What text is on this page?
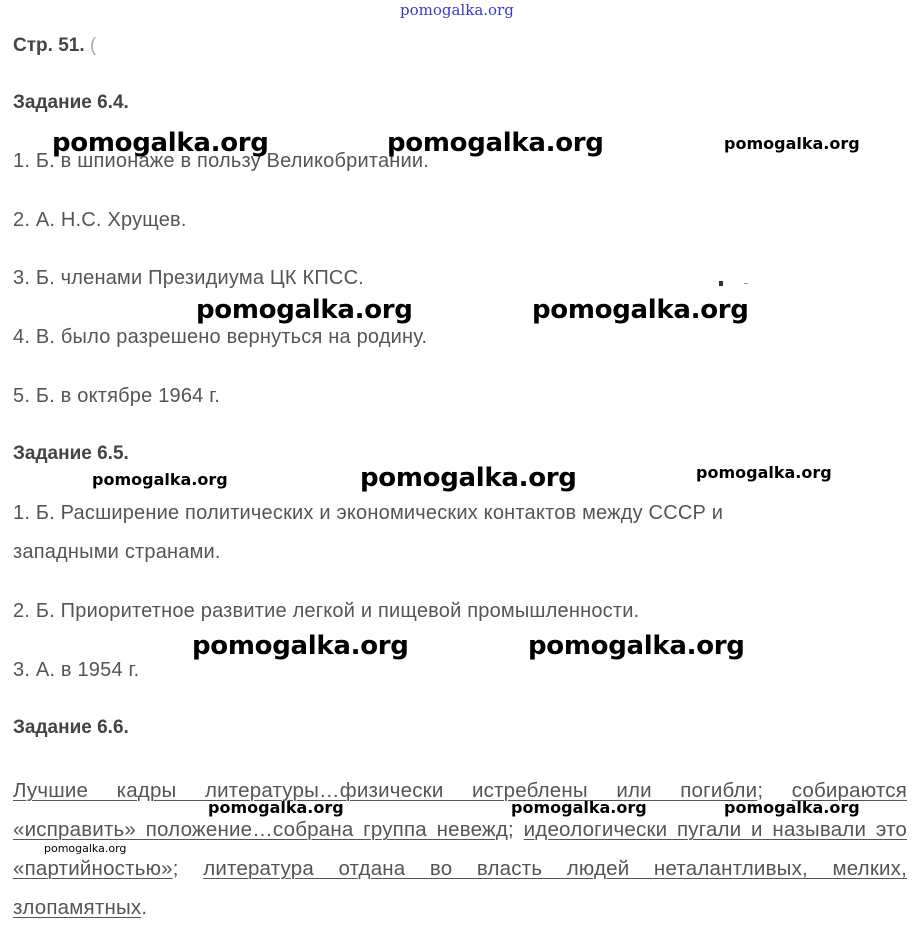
pomogalka.org
Стр. 51. (
Задание 6.4.
1. Б. в шпионаже в пользу Великобритании.
2. А. Н.С. Хрущев.
3. Б. членами Президиума ЦК КПСС.
4. В. было разрешено вернуться на родину.
5. Б. в октябре 1964 г.
Задание 6.5.
1. Б. Расширение политических и экономических контактов между СССР и
западными странами.
2. Б. Приоритетное развитие легкой и пищевой промышленности.
3. А. в 1954 г.
Задание 6.6.
Лучшие кадры литературы…физически истреблены или погибли; собираются «исправить» положение…собрана группа невежд; идеологически пугали и называли это «партийностью»; литература отдана во власть людей неталантливых, мелких, злопамятных.
pomogalka.org	pomogalka.org	pomogalka.org
pomogalka.org	pomogalka.org
pomogalka.org	pomogalka.org	pomogalka.org
pomogalka.org	pomogalka.org
pomogalka.org	pomogalka.org	pomogalka.org
pomogalka.org
